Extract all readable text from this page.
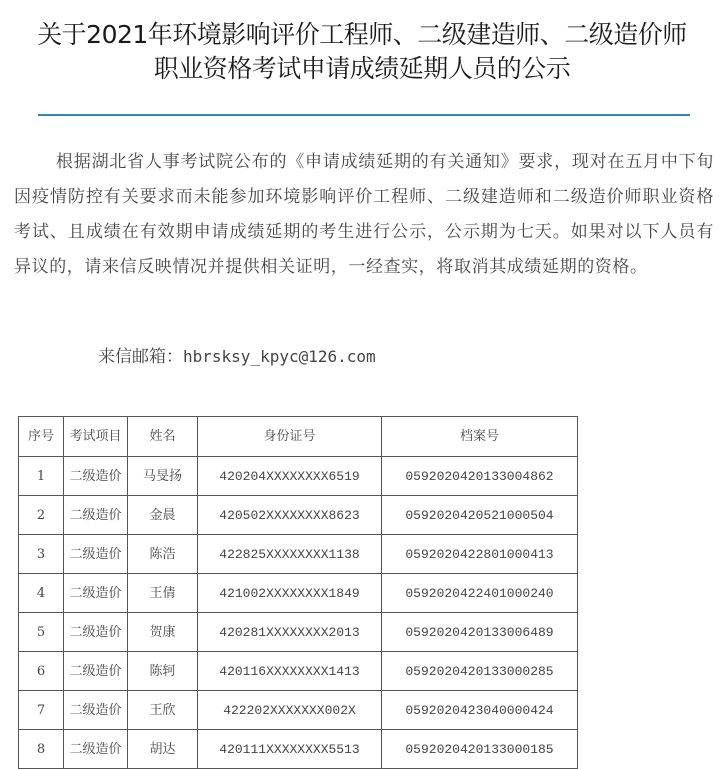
关于2021年环境影响评价工程师、二级建造师、二级造价师
职业资格考试申请成绩延期人员的公示
根据湖北省人事考试院公布的《申请成绩延期的有关通知》要求，现对在五月中下旬因疫情防控有关要求而未能参加环境影响评价工程师、二级建造师和二级造价师职业资格考试、且成绩在有效期申请成绩延期的考生进行公示，公示期为七天。如果对以下人员有异议的，请来信反映情况并提供相关证明，一经查实，将取消其成绩延期的资格。
来信邮箱：hbrsksy_kpyc@126.com
序号	考试项目	姓名	身份证号	档案号
1	二级造价	马旻扬	420204XXXXXXXX6519	0592020420133004862
2	二级造价	金晨	420502XXXXXXXX8623	0592020420521000504
3	二级造价	陈浩	422825XXXXXXXX1138	0592020422801000413
4	二级造价	王倩	421002XXXXXXXX1849	0592020422401000240
5	二级造价	贺康	420281XXXXXXXX2013	0592020420133006489
6	二级造价	陈轲	420116XXXXXXXX1413	0592020420133000285
7	二级造价	王欣	422202XXXXXXX002X	0592020423040000424
8	二级造价	胡达	420111XXXXXXXX5513	0592020420133000185
